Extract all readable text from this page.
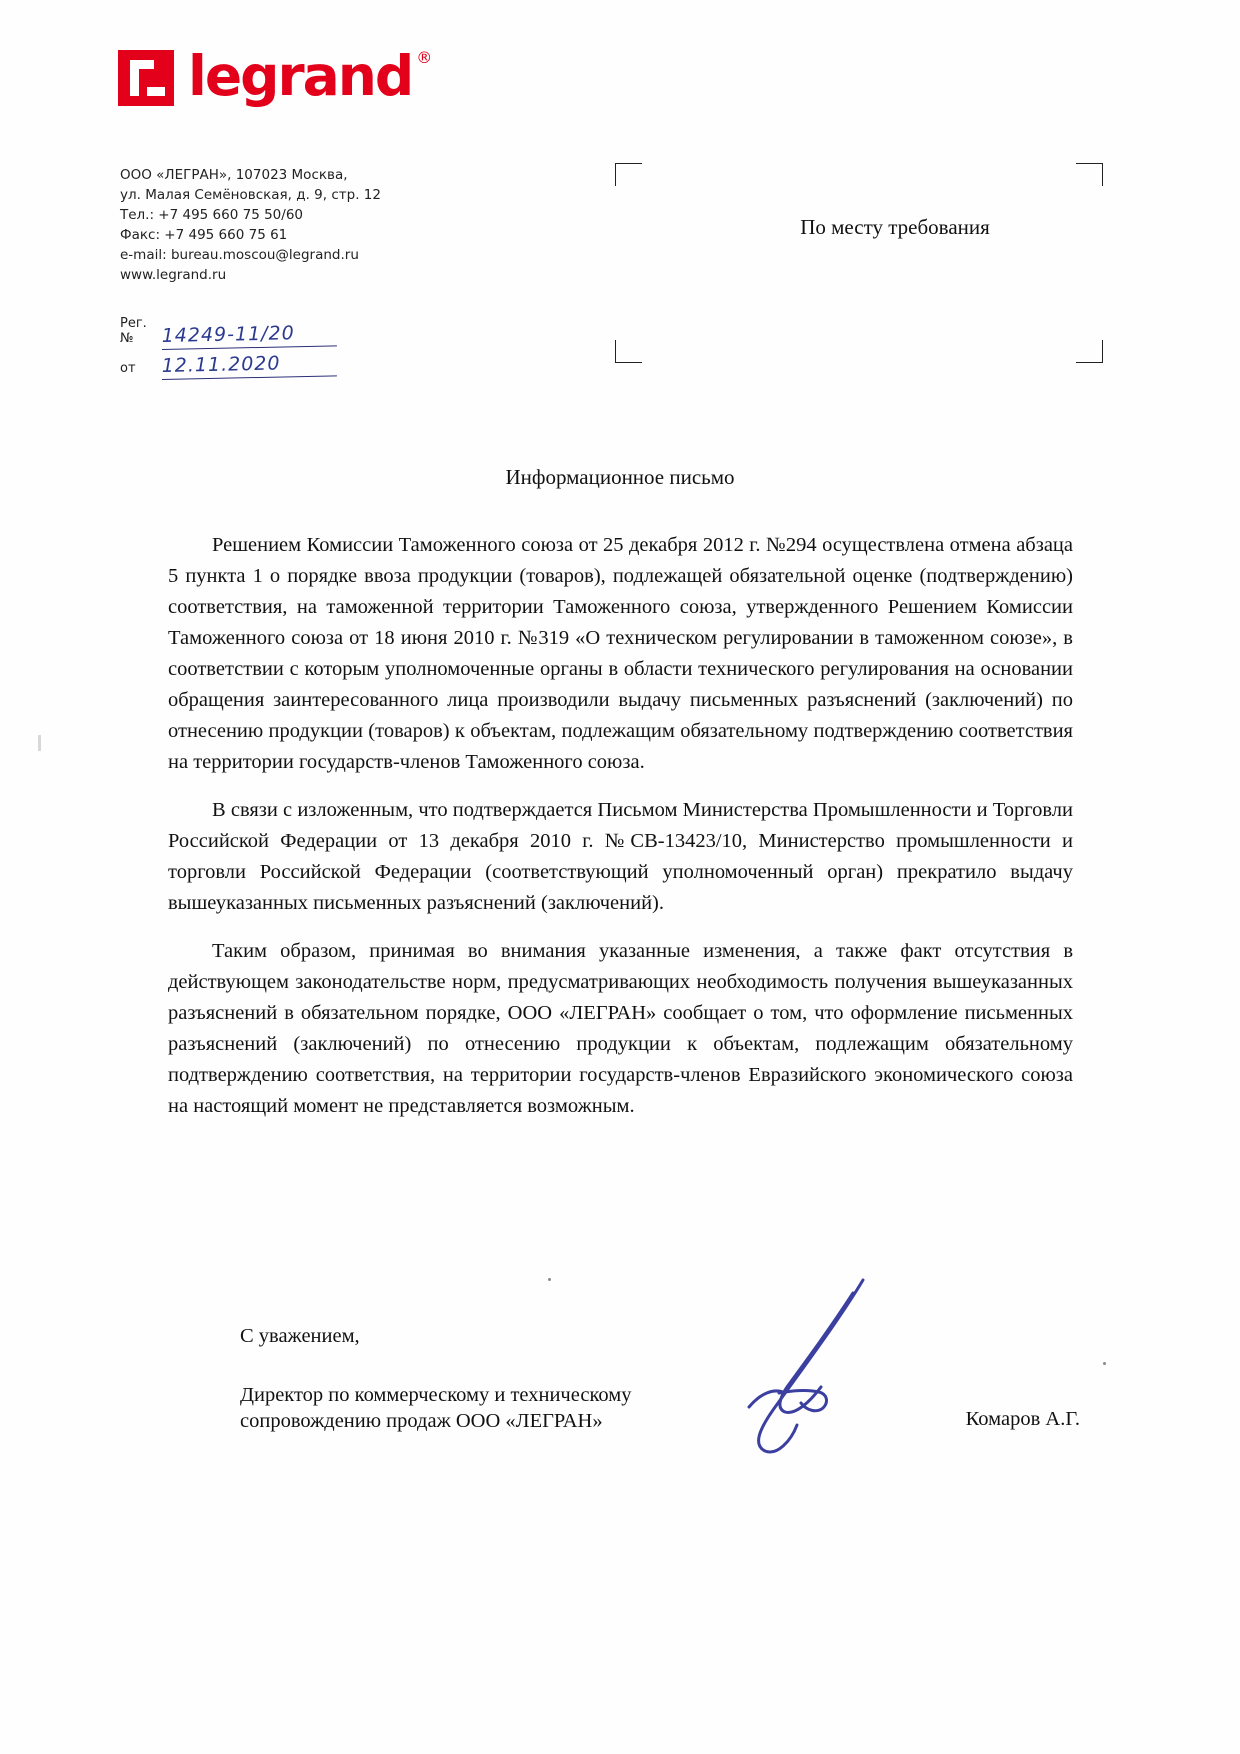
legrand ®
ООО «ЛЕГРАН», 107023 Москва,
ул. Малая Семёновская, д. 9, стр. 12
Тел.: +7 495 660 75 50/60
Факс: +7 495 660 75 61
e-mail: bureau.moscou@legrand.ru
www.legrand.ru
Рег. №	14249-11/20
от	12.11.2020
По месту требования
Информационное письмо

Решением Комиссии Таможенного союза от 25 декабря 2012 г. №294 осуществлена отмена абзаца 5 пункта 1 о порядке ввоза продукции (товаров), подлежащей обязательной оценке (подтверждению) соответствия, на таможенной территории Таможенного союза, утвержденного Решением Комиссии Таможенного союза от 18 июня 2010 г. №319 «О техническом регулировании в таможенном союзе», в соответствии с которым уполномоченные органы в области технического регулирования на основании обращения заинтересованного лица производили выдачу письменных разъяснений (заключений) по отнесению продукции (товаров) к объектам, подлежащим обязательному подтверждению соответствия на территории государств-членов Таможенного союза.

В связи с изложенным, что подтверждается Письмом Министерства Промышленности и Торговли Российской Федерации от 13 декабря 2010 г. №СВ-13423/10, Министерство промышленности и торговли Российской Федерации (соответствующий уполномоченный орган) прекратило выдачу вышеуказанных письменных разъяснений (заключений).

Таким образом, принимая во внимания указанные изменения, а также факт отсутствия в действующем законодательстве норм, предусматривающих необходимость получения вышеуказанных разъяснений в обязательном порядке, ООО «ЛЕГРАН» сообщает о том, что оформление письменных разъяснений (заключений) по отнесению продукции к объектам, подлежащим обязательному подтверждению соответствия, на территории государств-членов Евразийского экономического союза на настоящий момент не представляется возможным.

С уважением,
Директор по коммерческому и техническому
сопровождению продаж ООО «ЛЕГРАН»	Комаров А.Г.
